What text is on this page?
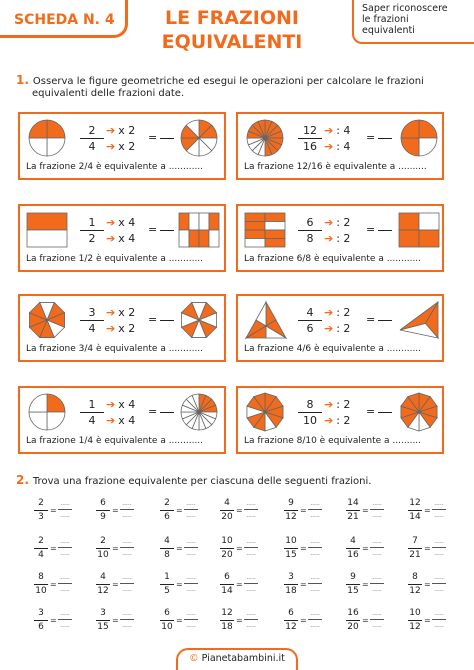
SCHEDA N. 4	LE FRAZIONI
EQUIVALENTI
Saper riconoscere
le frazioni
equivalenti
1. Osserva le figure geometriche ed esegui le operazioni per calcolare le frazioni
equivalenti delle frazioni date.
2
4
➔ x 2
➔ x 2
=
La frazione 2/4 è equivalente a ............
12
16
➔ : 4
➔ : 4
=
La frazione 12/16 è equivalente a ..........
1
2
➔ x 4
➔ x 4
=
La frazione 1/2 è equivalente a ............
6
8
➔ : 2
➔ : 2
=
La frazione 6/8 è equivalente a ............
3
4
➔ x 2
➔ x 2
=
La frazione 3/4 è equivalente a ............
4
6
➔ : 2
➔ : 2
=
La frazione 4/6 è equivalente a ............
1
4
➔ x 4
➔ x 4
=
La frazione 1/4 è equivalente a ............
8
10
➔ : 2
➔ : 2
=
La frazione 8/10 è equivalente a ..........
2. Trova una frazione equivalente per ciascuna delle seguenti frazioni.
2
3
=
.....
.....
6
9
=
.....
.....
2
6
=
.....
.....
4
20
=
.....
.....
9
12
=
.....
.....
14
21
=
.....
.....
12
14
=
.....
.....
2
4
=
.....
.....
2
10
=
.....
.....
4
8
=
.....
.....
10
20
=
.....
.....
10
15
=
.....
.....
4
16
=
.....
.....
7
21
=
.....
.....
8
10
=
.....
.....
4
12
=
.....
.....
1
5
=
.....
.....
6
14
=
.....
.....
3
18
=
.....
.....
9
15
=
.....
.....
8
12
=
.....
.....
3
6
=
.....
.....
3
15
=
.....
.....
6
10
=
.....
.....
12
18
=
.....
.....
6
12
=
.....
.....
16
20
=
.....
.....
10
12
=
.....
.....
© Pianetabambini.it
